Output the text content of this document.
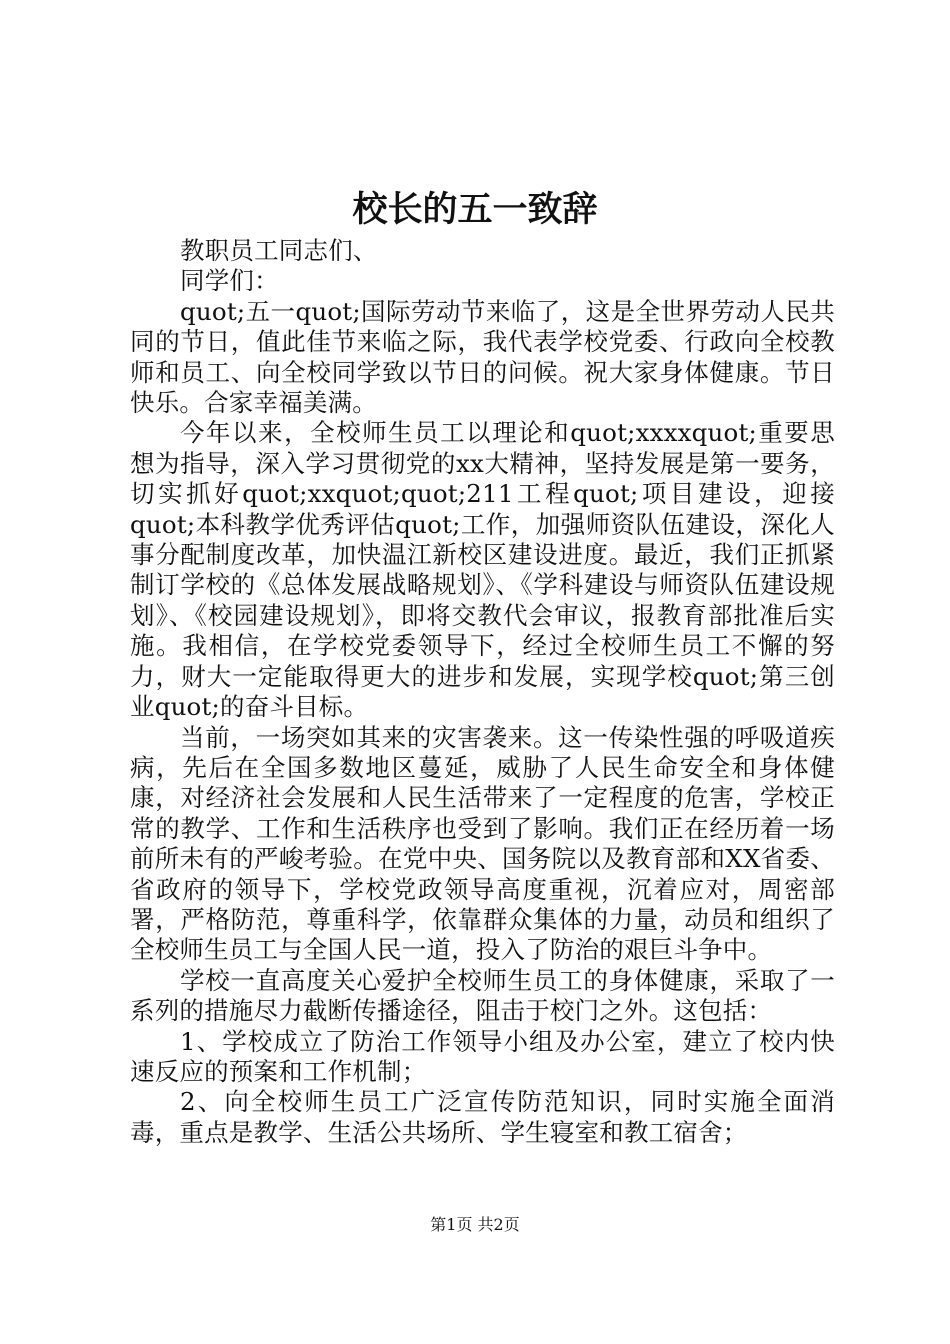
校长的五一致辞

教职员工同志们、

同学们：

quot;五一quot;国际劳动节来临了，这是全世界劳动人民共同的节日，值此佳节来临之际，我代表学校党委、行政向全校教师和员工、向全校同学致以节日的问候。祝大家身体健康。节日快乐。合家幸福美满。

今年以来，全校师生员工以理论和quot;xxxxquot;重要思想为指导，深入学习贯彻党的xx大精神，坚持发展是第一要务，切实抓好quot;xxquot;quot;211工程quot;项目建设，迎接quot;本科教学优秀评估quot;工作，加强师资队伍建设，深化人事分配制度改革，加快温江新校区建设进度。最近，我们正抓紧制订学校的《总体发展战略规划》、《学科建设与师资队伍建设规划》、《校园建设规划》，即将交教代会审议，报教育部批准后实施。我相信，在学校党委领导下，经过全校师生员工不懈的努力，财大一定能取得更大的进步和发展，实现学校quot;第三创业quot;的奋斗目标。

当前，一场突如其来的灾害袭来。这一传染性强的呼吸道疾病，先后在全国多数地区蔓延，威胁了人民生命安全和身体健康，对经济社会发展和人民生活带来了一定程度的危害，学校正常的教学、工作和生活秩序也受到了影响。我们正在经历着一场前所未有的严峻考验。在党中央、国务院以及教育部和XX省委、省政府的领导下，学校党政领导高度重视，沉着应对，周密部署，严格防范，尊重科学，依靠群众集体的力量，动员和组织了全校师生员工与全国人民一道，投入了防治的艰巨斗争中。

学校一直高度关心爱护全校师生员工的身体健康，采取了一系列的措施尽力截断传播途径，阻击于校门之外。这包括：

1、学校成立了防治工作领导小组及办公室，建立了校内快速反应的预案和工作机制；

2、向全校师生员工广泛宣传防范知识，同时实施全面消毒，重点是教学、生活公共场所、学生寝室和教工宿舍；

第1页 共2页
